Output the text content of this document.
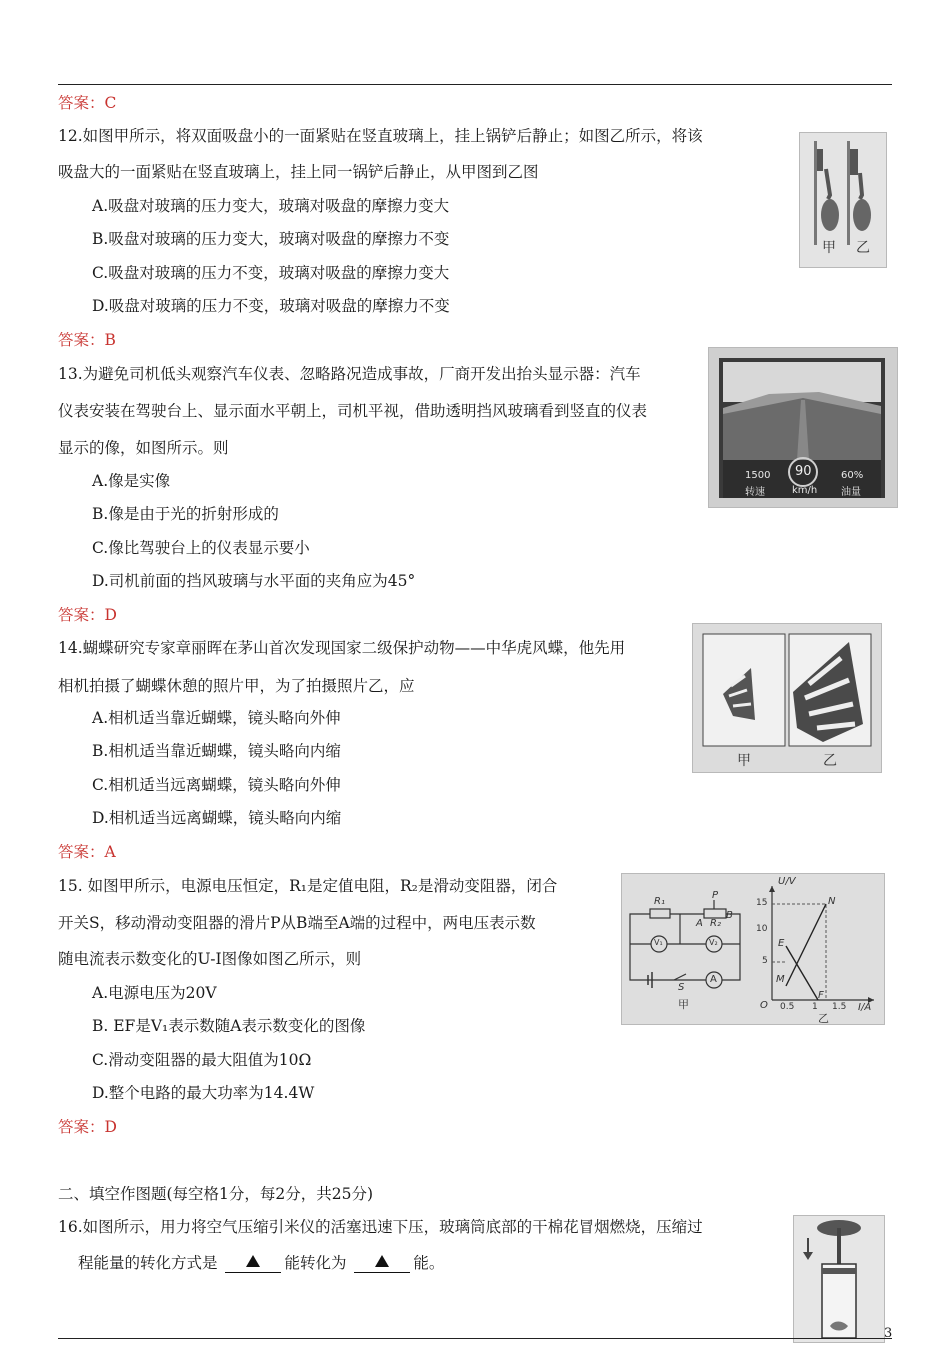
答案：C
12.如图甲所示，将双面吸盘小的一面紧贴在竖直玻璃上，挂上锅铲后静止；如图乙所示，将该
吸盘大的一面紧贴在竖直玻璃上，挂上同一锅铲后静止，从甲图到乙图
A.吸盘对玻璃的压力变大，玻璃对吸盘的摩擦力变大
B.吸盘对玻璃的压力变大，玻璃对吸盘的摩擦力不变
C.吸盘对玻璃的压力不变，玻璃对吸盘的摩擦力变大
D.吸盘对玻璃的压力不变，玻璃对吸盘的摩擦力不变
答案：B
甲 乙
13.为避免司机低头观察汽车仪表、忽略路况造成事故，厂商开发出抬头显示器：汽车
仪表安装在驾驶台上、显示面水平朝上，司机平视，借助透明挡风玻璃看到竖直的仪表
显示的像，如图所示。则
A.像是实像
B.像是由于光的折射形成的
C.像比驾驶台上的仪表显示要小
D.司机前面的挡风玻璃与水平面的夹角应为45°
答案：D
90
1500
转速	km/h
60%
油量
14.蝴蝶研究专家章丽晖在茅山首次发现国家二级保护动物——中华虎风蝶，他先用
相机拍摄了蝴蝶休憩的照片甲，为了拍摄照片乙，应
A.相机适当靠近蝴蝶，镜头略向外伸
B.相机适当靠近蝴蝶，镜头略向内缩
C.相机适当远离蝴蝶，镜头略向外伸
D.相机适当远离蝴蝶，镜头略向内缩
答案：A
甲	乙
15. 如图甲所示，电源电压恒定，R₁是定值电阻，R₂是滑动变阻器，闭合
开关S，移动滑动变阻器的滑片P从B端至A端的过程中，两电压表示数
随电流表示数变化的U-I图像如图乙所示，则
A.电源电压为20V
B. EF是V₁表示数随A表示数变化的图像
C.滑动变阻器的最大阻值为10Ω
D.整个电路的最大功率为14.4W
答案：D
R₁
P
A R₂
B
V₁	V₂
A
S
甲
U/V
I/A
O
15
10
5
0.5 1 1.5
N
E
M
F
乙
二、填空作图题(每空格1分，每2分，共25分)
16.如图所示，用力将空气压缩引米仪的活塞迅速下压，玻璃筒底部的干棉花冒烟燃烧，压缩过
程能量的转化方式是	能转化为	能。
3
